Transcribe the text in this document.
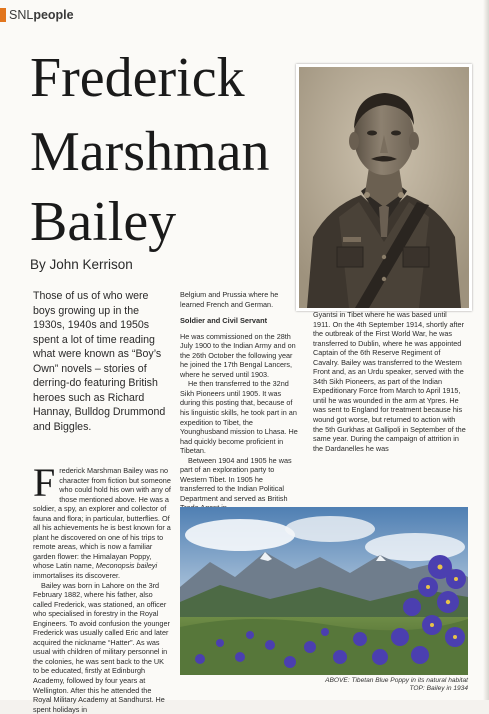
SNLpeople
Frederick
Marshman
Bailey
By John Kerrison
Those of us of who were boys growing up in the 1930s, 1940s and 1950s spent a lot of time reading what were known as “Boy’s Own” novels – stories of derring-do featuring British heroes such as Richard Hannay, Bulldog Drummond and Biggles.

Frederick Marshman Bailey was no character from fiction but someone who could hold his own with any of those mentioned above. He was a soldier, a spy, an explorer and collector of fauna and flora; in particular, butterflies. Of all his achievements he is best known for a plant he discovered on one of his trips to remote areas, which is now a familiar garden flower: the Himalayan Poppy, whose Latin name, Meconopsis baileyi immortalises its discoverer.

Bailey was born in Lahore on the 3rd February 1882, where his father, also called Frederick, was stationed, an officer who specialised in forestry in the Royal Engineers. To avoid confusion the younger Frederick was usually called Eric and later acquired the nickname “Hatter”. As was usual with children of military personnel in the colonies, he was sent back to the UK to be educated, firstly at Edinburgh Academy, followed by four years at Wellington. After this he attended the Royal Military Academy at Sandhurst. He spent holidays in

Belgium and Prussia where he learned French and German.

Soldier and Civil Servant

He was commissioned on the 28th July 1900 to the Indian Army and on the 26th October the following year he joined the 17th Bengal Lancers, where he served until 1903.

He then transferred to the 32nd Sikh Pioneers until 1905. It was during this posting that, because of his linguistic skills, he took part in an expedition to Tibet, the Younghusband mission to Lhasa. He had quickly become proficient in Tibetan.

Between 1904 and 1905 he was part of an exploration party to Western Tibet. In 1905 he transferred to the Indian Political Department and served as British

Gyantsi in Tibet where he was based until 1911. On the 4th September 1914, shortly after the outbreak of the First World War, he was transferred to Dublin, where he was appointed Captain of the 6th Reserve Regiment of Cavalry. Bailey was transferred to the Western Front and, as an Urdu speaker, served with the 34th Sikh Pioneers, as part of the Indian Expeditionary Force from March to April 1915, until he was wounded in the arm at Ypres. He was sent to England for treatment because his wound got worse, but returned to action with the 5th Gurkhas at Gallipoli in September of the same year. During the campaign of attrition in the Dardanelles he was

ABOVE: Tibetan Blue Poppy in its natural habitat
TOP: Bailey in 1934
